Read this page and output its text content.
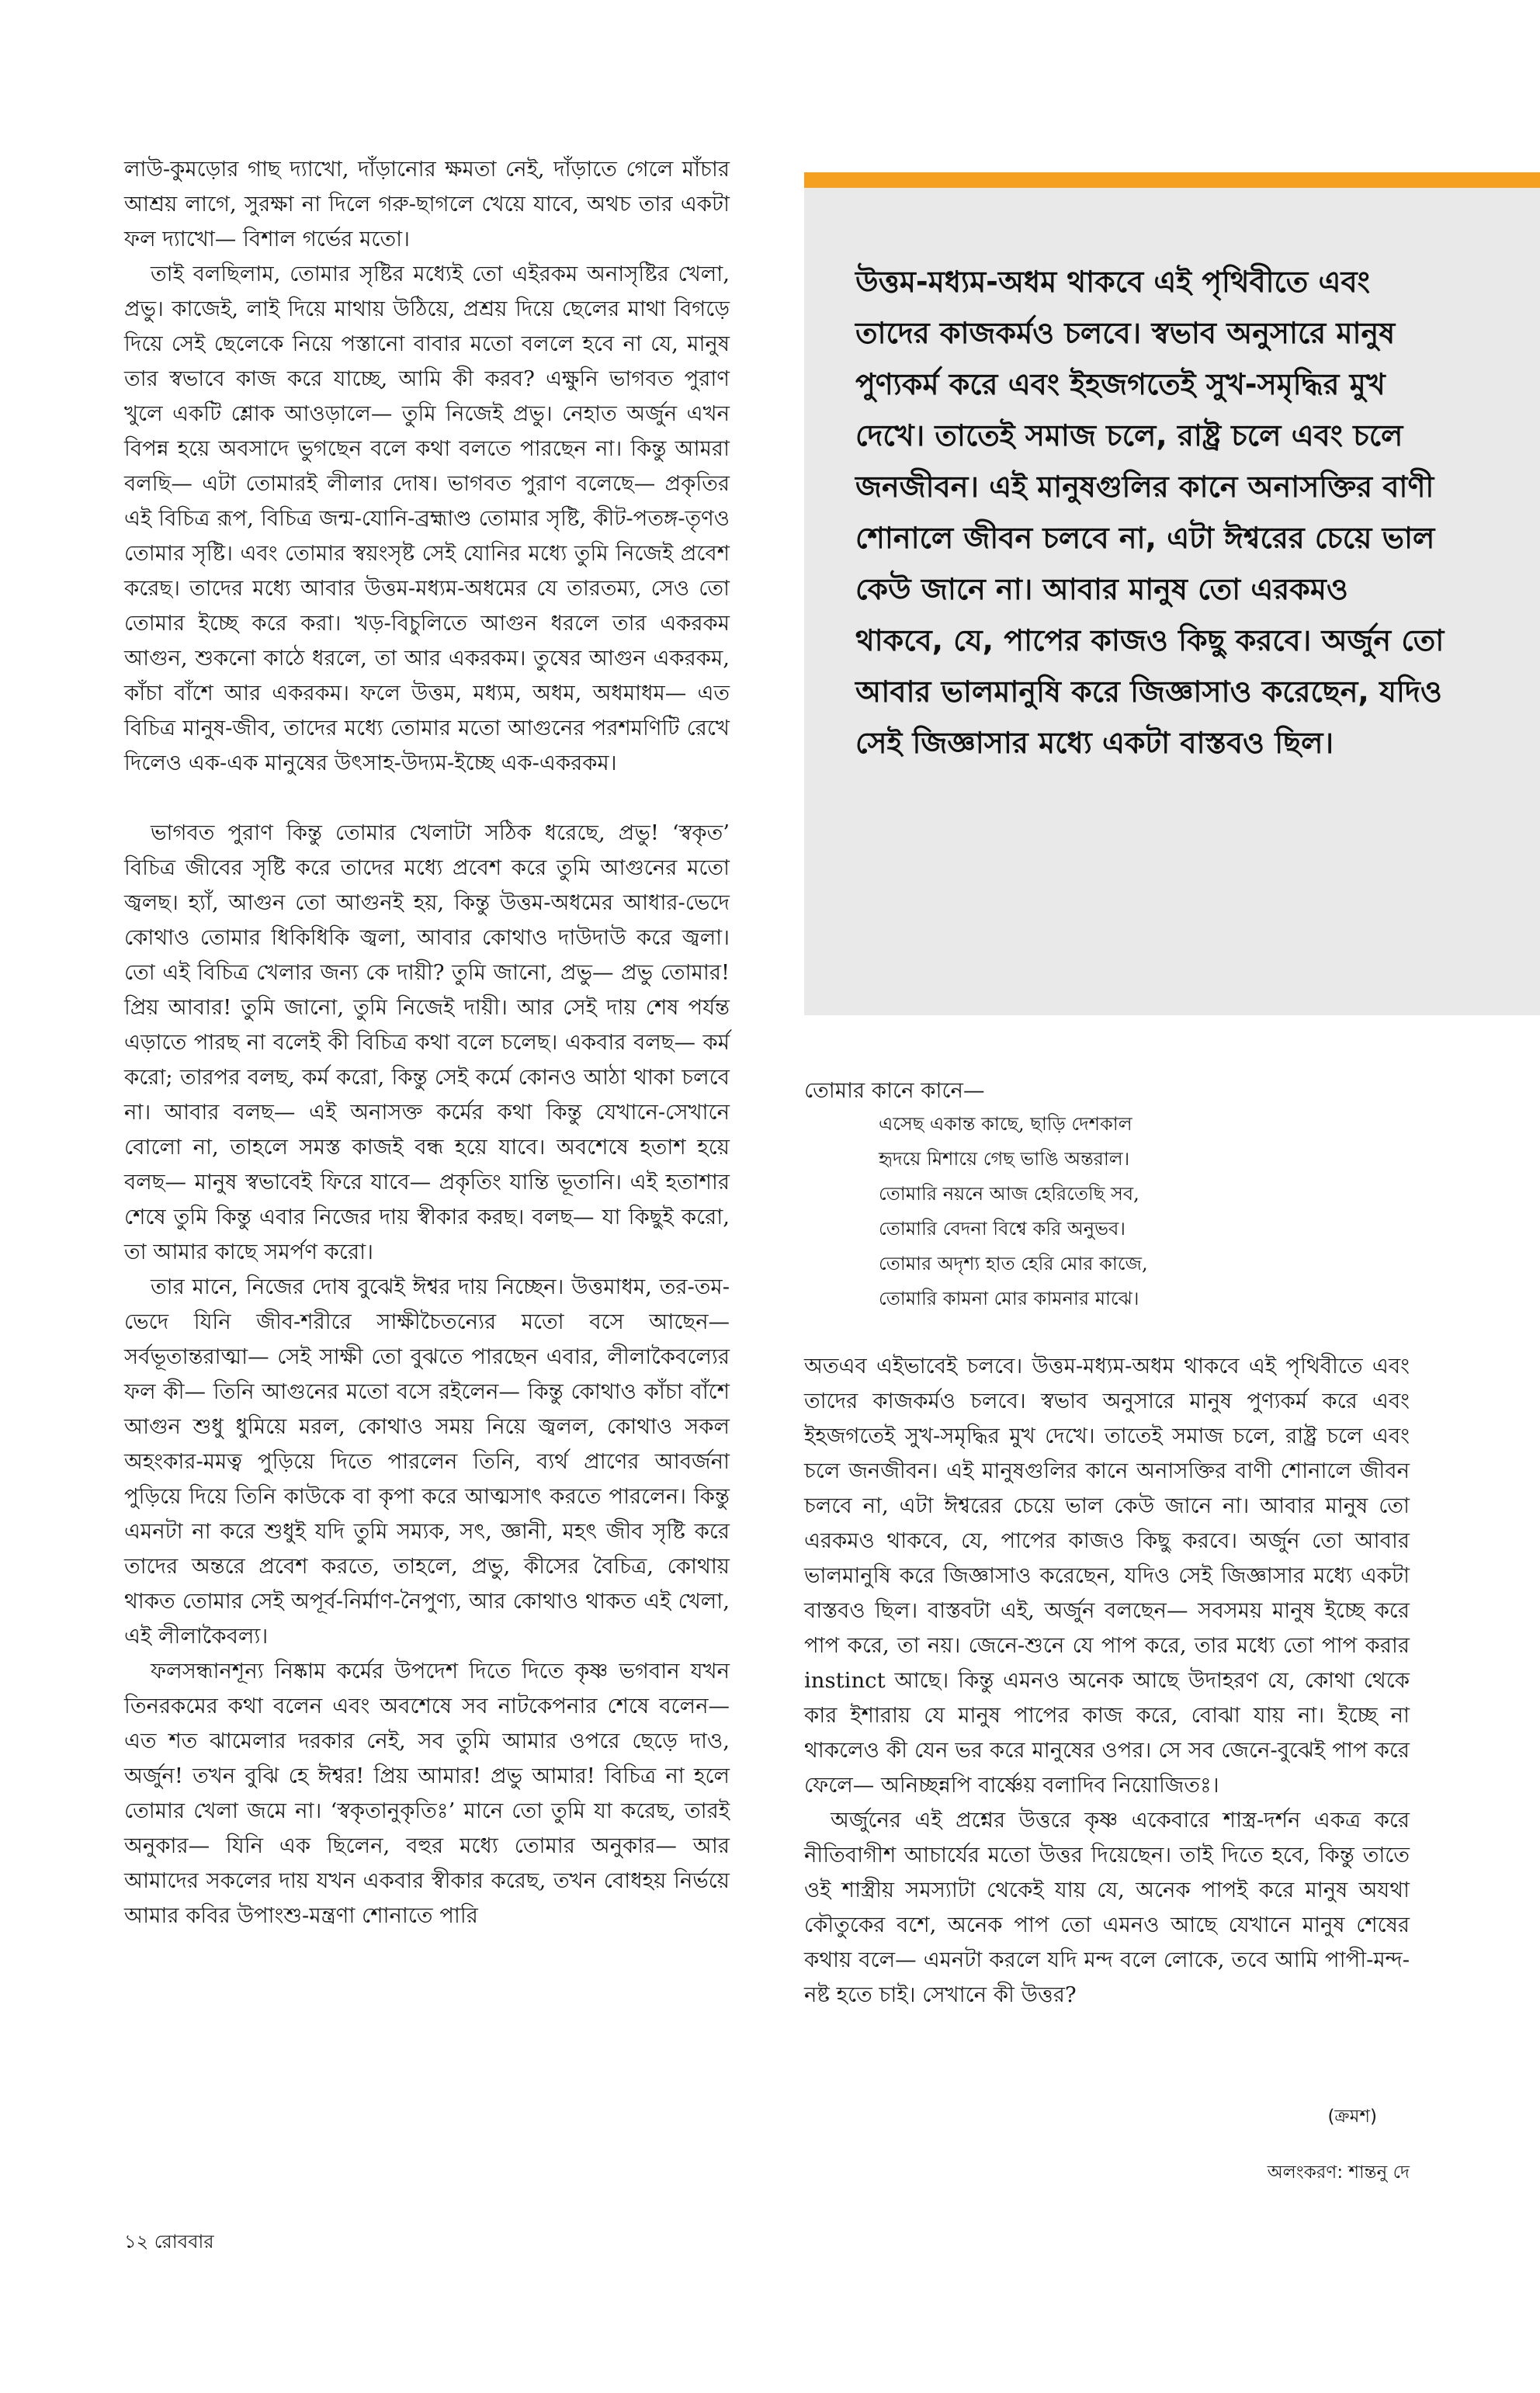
লাউ-কুমড়োর গাছ দ্যাখো, দাঁড়ানোর ক্ষমতা নেই, দাঁড়াতে গেলে মাঁচার আশ্রয় লাগে, সুরক্ষা না দিলে গরু-ছাগলে খেয়ে যাবে, অথচ তার একটা ফল দ্যাখো— বিশাল গর্ভের মতো।

তাই বলছিলাম, তোমার সৃষ্টির মধ্যেই তো এইরকম অনাসৃষ্টির খেলা, প্রভু। কাজেই, লাই দিয়ে মাথায় উঠিয়ে, প্রশ্রয় দিয়ে ছেলের মাথা বিগড়ে দিয়ে সেই ছেলেকে নিয়ে পস্তানো বাবার মতো বললে হবে না যে, মানুষ তার স্বভাবে কাজ করে যাচ্ছে, আমি কী করব? এক্ষুনি ভাগবত পুরাণ খুলে একটি শ্লোক আওড়ালে— তুমি নিজেই প্রভু। নেহাত অর্জুন এখন বিপন্ন হয়ে অবসাদে ভুগছেন বলে কথা বলতে পারছেন না। কিন্তু আমরা বলছি— এটা তোমারই লীলার দোষ। ভাগবত পুরাণ বলেছে— প্রকৃতির এই বিচিত্র রূপ, বিচিত্র জন্ম-যোনি-ব্রহ্মাণ্ড তোমার সৃষ্টি, কীট-পতঙ্গ-তৃণও তোমার সৃষ্টি। এবং তোমার স্বয়ংসৃষ্ট সেই যোনির মধ্যে তুমি নিজেই প্রবেশ করেছ। তাদের মধ্যে আবার উত্তম-মধ্যম-অধমের যে তারতম্য, সেও তো তোমার ইচ্ছে করে করা। খড়-বিচুলিতে আগুন ধরলে তার একরকম আগুন, শুকনো কাঠে ধরলে, তা আর একরকম। তুষের আগুন একরকম, কাঁচা বাঁশে আর একরকম। ফলে উত্তম, মধ্যম, অধম, অধমাধম— এত বিচিত্র মানুষ-জীব, তাদের মধ্যে তোমার মতো আগুনের পরশমণিটি রেখে দিলেও এক-এক মানুষের উৎসাহ-উদ্যম-ইচ্ছে এক-একরকম।

ভাগবত পুরাণ কিন্তু তোমার খেলাটা সঠিক ধরেছে, প্রভু! ‘স্বকৃত’ বিচিত্র জীবের সৃষ্টি করে তাদের মধ্যে প্রবেশ করে তুমি আগুনের মতো জ্বলছ। হ্যাঁ, আগুন তো আগুনই হয়, কিন্তু উত্তম-অধমের আধার-ভেদে কোথাও তোমার ধিকিধিকি জ্বলা, আবার কোথাও দাউদাউ করে জ্বলা। তো এই বিচিত্র খেলার জন্য কে দায়ী? তুমি জানো, প্রভু— প্রভু তোমার! প্রিয় আবার! তুমি জানো, তুমি নিজেই দায়ী। আর সেই দায় শেষ পর্যন্ত এড়াতে পারছ না বলেই কী বিচিত্র কথা বলে চলেছ। একবার বলছ— কর্ম করো; তারপর বলছ, কর্ম করো, কিন্তু সেই কর্মে কোনও আঠা থাকা চলবে না। আবার বলছ— এই অনাসক্ত কর্মের কথা কিন্তু যেখানে-সেখানে বোলো না, তাহলে সমস্ত কাজই বন্ধ হয়ে যাবে। অবশেষে হতাশ হয়ে বলছ— মানুষ স্বভাবেই ফিরে যাবে— প্রকৃতিং যান্তি ভূতানি। এই হতাশার শেষে তুমি কিন্তু এবার নিজের দায় স্বীকার করছ। বলছ— যা কিছুই করো, তা আমার কাছে সমর্পণ করো।

তার মানে, নিজের দোষ বুঝেই ঈশ্বর দায় নিচ্ছেন। উত্তমাধম, তর-তম-ভেদে যিনি জীব-শরীরে সাক্ষীচৈতন্যের মতো বসে আছেন— সর্বভূতান্তরাত্মা— সেই সাক্ষী তো বুঝতে পারছেন এবার, লীলাকৈবল্যের ফল কী— তিনি আগুনের মতো বসে রইলেন— কিন্তু কোথাও কাঁচা বাঁশে আগুন শুধু ধুমিয়ে মরল, কোথাও সময় নিয়ে জ্বলল, কোথাও সকল অহংকার-মমত্ব পুড়িয়ে দিতে পারলেন তিনি, ব্যর্থ প্রাণের আবর্জনা পুড়িয়ে দিয়ে তিনি কাউকে বা কৃপা করে আত্মসাৎ করতে পারলেন। কিন্তু এমনটা না করে শুধুই যদি তুমি সম্যক, সৎ, জ্ঞানী, মহৎ জীব সৃষ্টি করে তাদের অন্তরে প্রবেশ করতে, তাহলে, প্রভু, কীসের বৈচিত্র, কোথায় থাকত তোমার সেই অপূর্ব-নির্মাণ-নৈপুণ্য, আর কোথাও থাকত এই খেলা, এই লীলাকৈবল্য।

ফলসন্ধানশূন্য নিষ্কাম কর্মের উপদেশ দিতে দিতে কৃষ্ণ ভগবান যখন তিনরকমের কথা বলেন এবং অবশেষে সব নাটকেপনার শেষে বলেন— এত শত ঝামেলার দরকার নেই, সব তুমি আমার ওপরে ছেড়ে দাও, অর্জুন! তখন বুঝি হে ঈশ্বর! প্রিয় আমার! প্রভু আমার! বিচিত্র না হলে তোমার খেলা জমে না। ‘স্বকৃতানুকৃতিঃ’ মানে তো তুমি যা করেছ, তারই অনুকার— যিনি এক ছিলেন, বহুর মধ্যে তোমার অনুকার— আর আমাদের সকলের দায় যখন একবার স্বীকার করেছ, তখন বোধহয় নির্ভয়ে আমার কবির উপাংশু-মন্ত্রণা শোনাতে পারি

উত্তম-মধ্যম-অধম থাকবে এই পৃথিবীতে এবং তাদের কাজকর্মও চলবে। স্বভাব অনুসারে মানুষ পুণ্যকর্ম করে এবং ইহজগতেই সুখ-সমৃদ্ধির মুখ দেখে। তাতেই সমাজ চলে, রাষ্ট্র চলে এবং চলে জনজীবন। এই মানুষগুলির কানে অনাসক্তির বাণী শোনালে জীবন চলবে না, এটা ঈশ্বরের চেয়ে ভাল কেউ জানে না। আবার মানুষ তো এরকমও থাকবে, যে, পাপের কাজও কিছু করবে। অর্জুন তো আবার ভালমানুষি করে জিজ্ঞাসাও করেছেন, যদিও সেই জিজ্ঞাসার মধ্যে একটা বাস্তবও ছিল।

তোমার কানে কানে—

এসেছ একান্ত কাছে, ছাড়ি দেশকাল

হৃদয়ে মিশায়ে গেছ ভাঙি অন্তরাল।

তোমারি নয়নে আজ হেরিতেছি সব,

তোমারি বেদনা বিশ্বে করি অনুভব।

তোমার অদৃশ্য হাত হেরি মোর কাজে,

তোমারি কামনা মোর কামনার মাঝে।

অতএব এইভাবেই চলবে। উত্তম-মধ্যম-অধম থাকবে এই পৃথিবীতে এবং তাদের কাজকর্মও চলবে। স্বভাব অনুসারে মানুষ পুণ্যকর্ম করে এবং ইহজগতেই সুখ-সমৃদ্ধির মুখ দেখে। তাতেই সমাজ চলে, রাষ্ট্র চলে এবং চলে জনজীবন। এই মানুষগুলির কানে অনাসক্তির বাণী শোনালে জীবন চলবে না, এটা ঈশ্বরের চেয়ে ভাল কেউ জানে না। আবার মানুষ তো এরকমও থাকবে, যে, পাপের কাজও কিছু করবে। অর্জুন তো আবার ভালমানুষি করে জিজ্ঞাসাও করেছেন, যদিও সেই জিজ্ঞাসার মধ্যে একটা বাস্তবও ছিল। বাস্তবটা এই, অর্জুন বলছেন— সবসময় মানুষ ইচ্ছে করে পাপ করে, তা নয়। জেনে-শুনে যে পাপ করে, তার মধ্যে তো পাপ করার instinct আছে। কিন্তু এমনও অনেক আছে উদাহরণ যে, কোথা থেকে কার ইশারায় যে মানুষ পাপের কাজ করে, বোঝা যায় না। ইচ্ছে না থাকলেও কী যেন ভর করে মানুষের ওপর। সে সব জেনে-বুঝেই পাপ করে ফেলে— অনিচ্ছন্নপি বার্ষ্ণেয় বলাদিব নিয়োজিতঃ।

অর্জুনের এই প্রশ্নের উত্তরে কৃষ্ণ একেবারে শাস্ত্র-দর্শন একত্র করে নীতিবাগীশ আচার্যের মতো উত্তর দিয়েছেন। তাই দিতে হবে, কিন্তু তাতে ওই শাস্ত্রীয় সমস্যাটা থেকেই যায় যে, অনেক পাপই করে মানুষ অযথা কৌতুকের বশে, অনেক পাপ তো এমনও আছে যেখানে মানুষ শেষের কথায় বলে— এমনটা করলে যদি মন্দ বলে লোকে, তবে আমি পাপী-মন্দ-নষ্ট হতে চাই। সেখানে কী উত্তর?

(ক্রমশ)
অলংকরণ: শান্তনু দে
১২ রোববার
